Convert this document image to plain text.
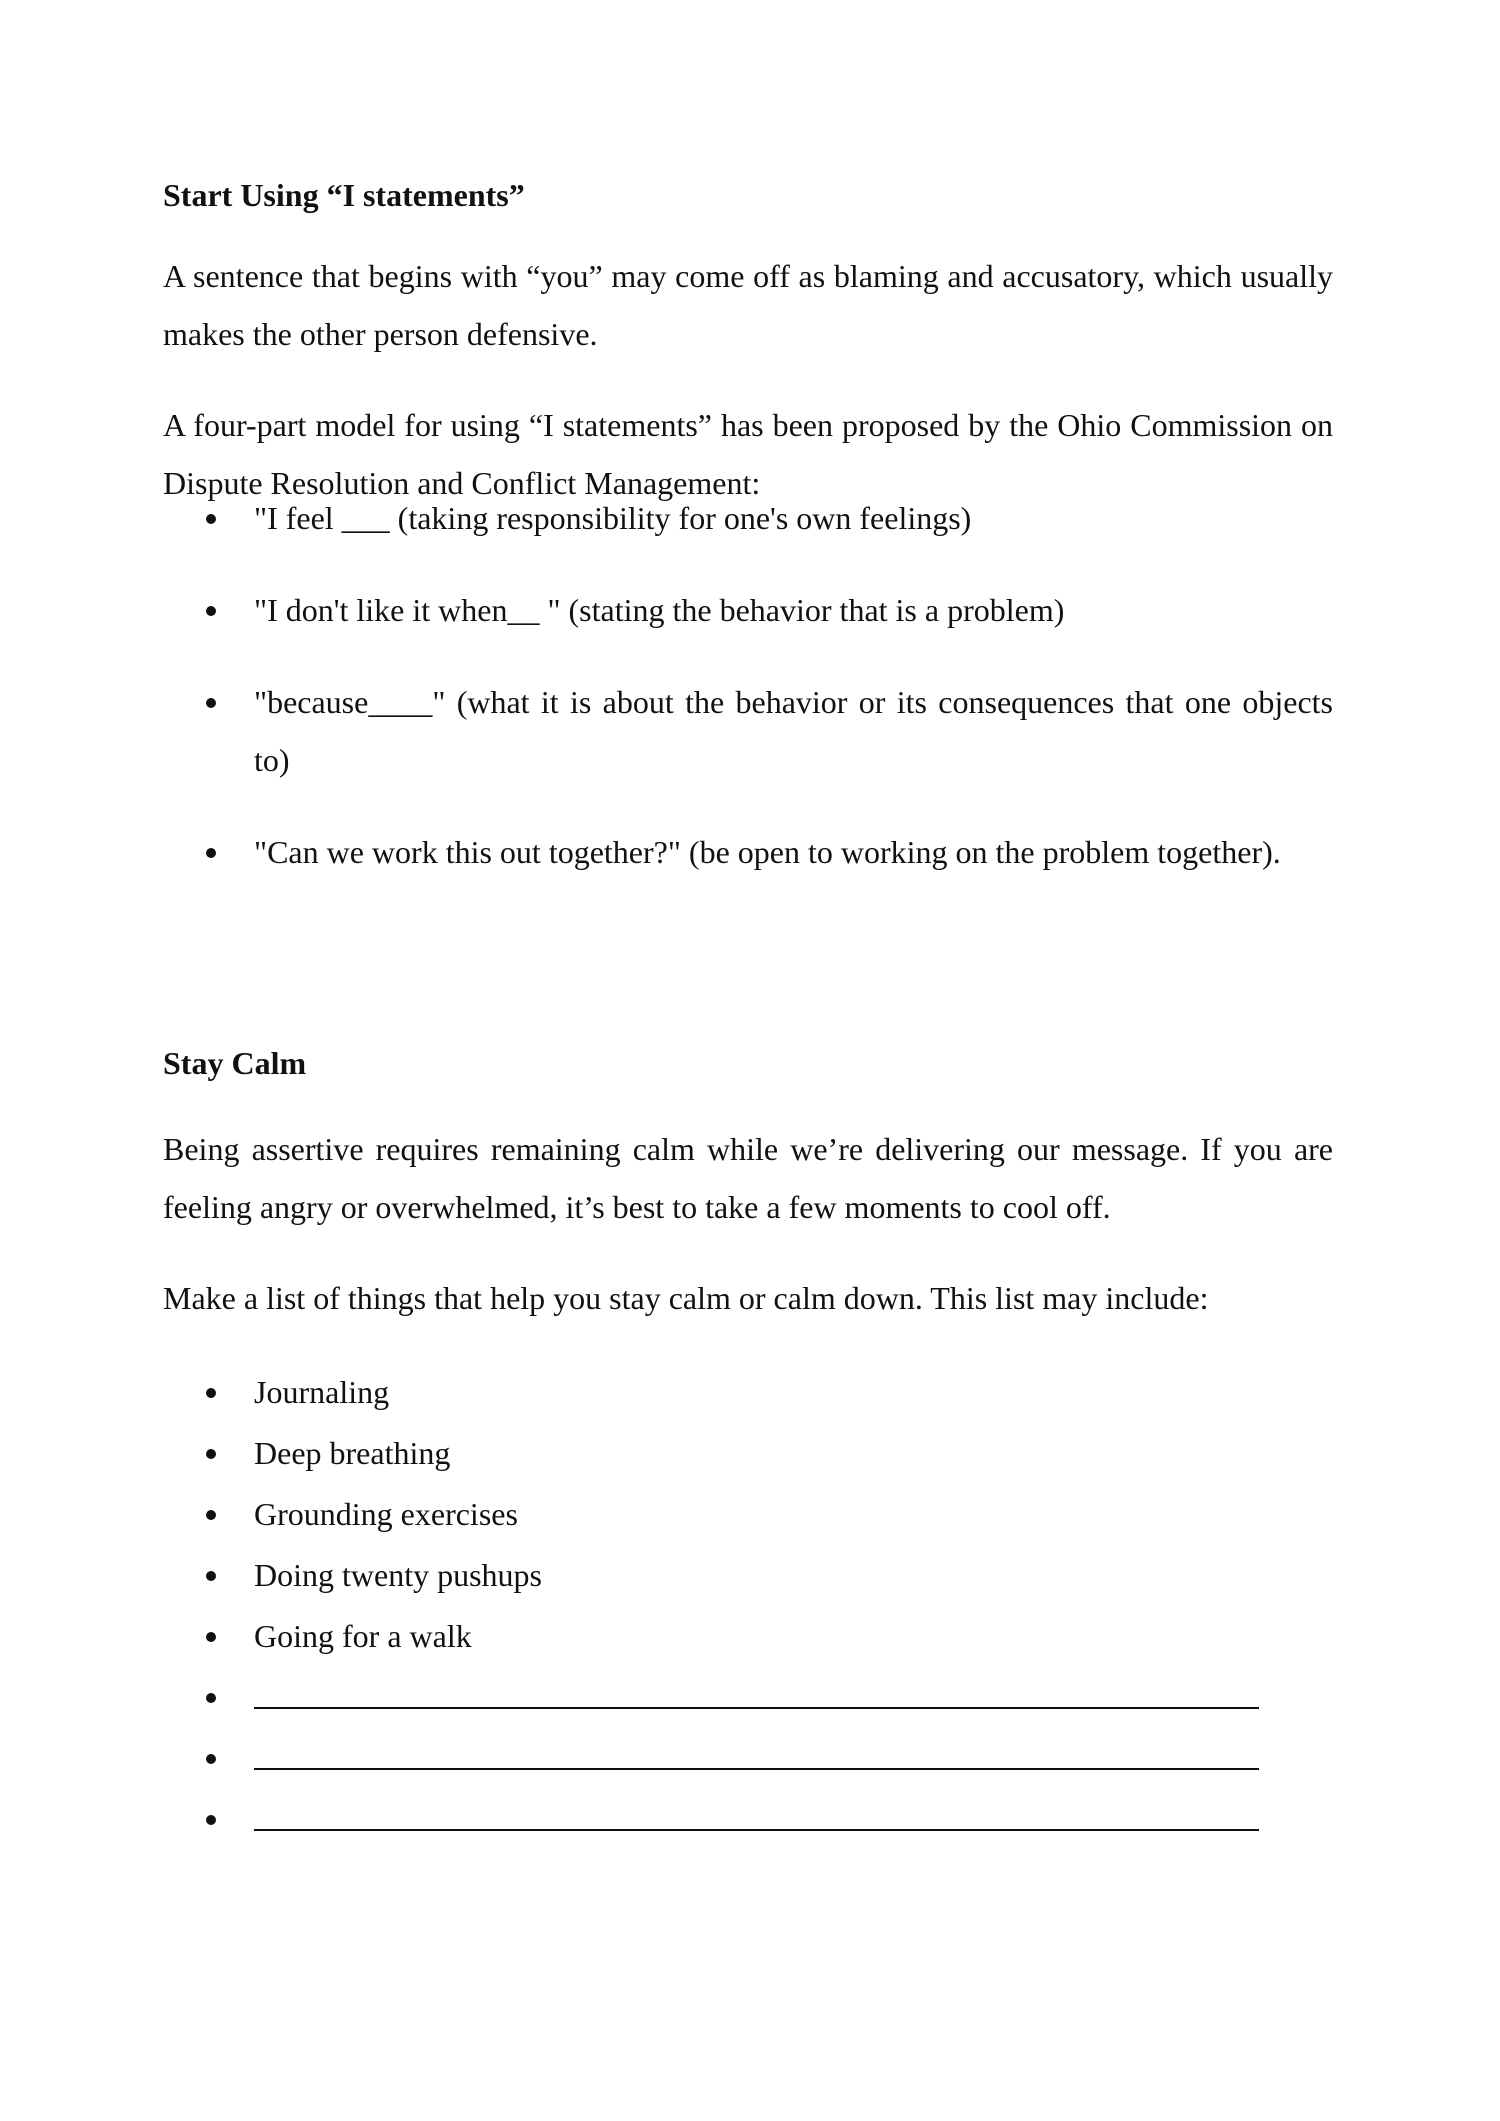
Start Using “I statements”

A sentence that begins with “you” may come off as blaming and accusatory, which usually makes the other person defensive.

A four-part model for using “I statements” has been proposed by the Ohio Commission on Dispute Resolution and Conflict Management:

"I feel ___ (taking responsibility for one's own feelings)
"I don't like it when__ " (stating the behavior that is a problem)
"because____" (what it is about the behavior or its consequences that one objects to)
"Can we work this out together?" (be open to working on the problem together).

Stay Calm

Being assertive requires remaining calm while we’re delivering our message. If you are feeling angry or overwhelmed, it’s best to take a few moments to cool off.

Make a list of things that help you stay calm or calm down. This list may include:

Journaling
Deep breathing
Grounding exercises
Doing twenty pushups
Going for a walk
